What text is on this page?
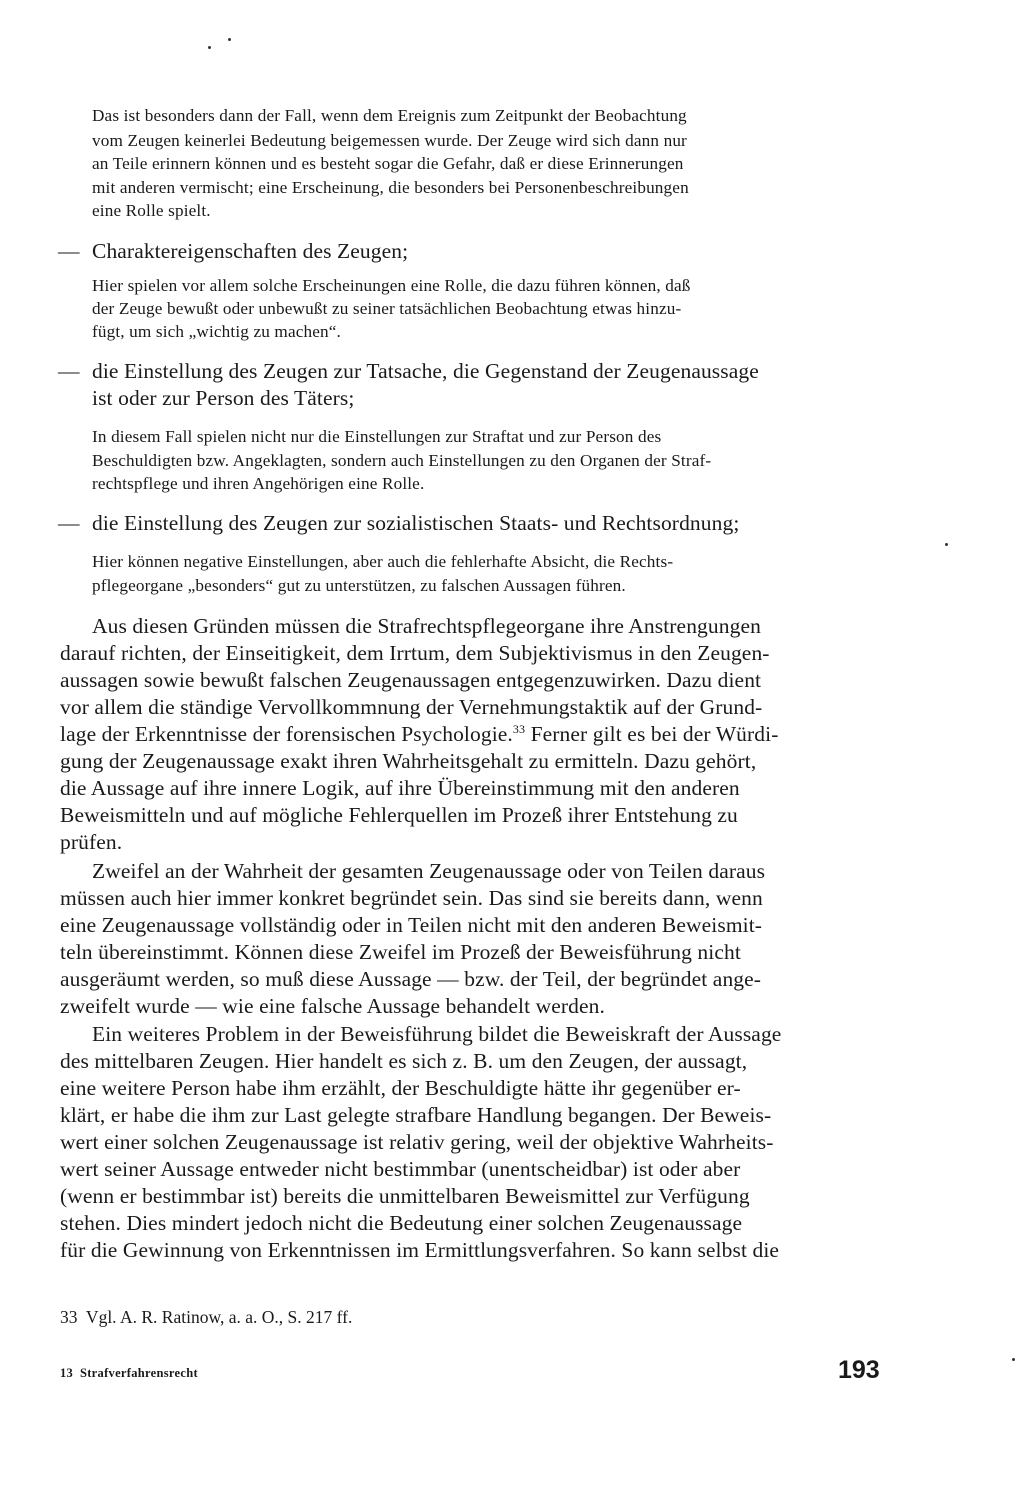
Das ist besonders dann der Fall, wenn dem Ereignis zum Zeitpunkt der Beobachtung

vom Zeugen keinerlei Bedeutung beigemessen wurde. Der Zeuge wird sich dann nur

an Teile erinnern können und es besteht sogar die Gefahr, daß er diese Erinnerungen

mit anderen vermischt; eine Erscheinung, die besonders bei Personenbeschreibungen

eine Rolle spielt.

— Charaktereigenschaften des Zeugen;

Hier spielen vor allem solche Erscheinungen eine Rolle, die dazu führen können, daß

der Zeuge bewußt oder unbewußt zu seiner tatsächlichen Beobachtung etwas hinzu-

fügt, um sich „wichtig zu machen“.

— die Einstellung des Zeugen zur Tatsache, die Gegenstand der Zeugenaussage

ist oder zur Person des Täters;

In diesem Fall spielen nicht nur die Einstellungen zur Straftat und zur Person des

Beschuldigten bzw. Angeklagten, sondern auch Einstellungen zu den Organen der Straf-

rechtspflege und ihren Angehörigen eine Rolle.

— die Einstellung des Zeugen zur sozialistischen Staats- und Rechtsordnung;

Hier können negative Einstellungen, aber auch die fehlerhafte Absicht, die Rechts-

pflegeorgane „besonders“ gut zu unterstützen, zu falschen Aussagen führen.

Aus diesen Gründen müssen die Strafrechtspflegeorgane ihre Anstrengungen

darauf richten, der Einseitigkeit, dem Irrtum, dem Subjektivismus in den Zeugen-

aussagen sowie bewußt falschen Zeugenaussagen entgegenzuwirken. Dazu dient

vor allem die ständige Vervollkommnung der Vernehmungstaktik auf der Grund-

lage der Erkenntnisse der forensischen Psychologie.$^{33}$ Ferner gilt es bei der Würdi-

gung der Zeugenaussage exakt ihren Wahrheitsgehalt zu ermitteln. Dazu gehört,

die Aussage auf ihre innere Logik, auf ihre Übereinstimmung mit den anderen

Beweismitteln und auf mögliche Fehlerquellen im Prozeß ihrer Entstehung zu

prüfen.

Zweifel an der Wahrheit der gesamten Zeugenaussage oder von Teilen daraus

müssen auch hier immer konkret begründet sein. Das sind sie bereits dann, wenn

eine Zeugenaussage vollständig oder in Teilen nicht mit den anderen Beweismit-

teln übereinstimmt. Können diese Zweifel im Prozeß der Beweisführung nicht

ausgeräumt werden, so muß diese Aussage — bzw. der Teil, der begründet ange-

zweifelt wurde — wie eine falsche Aussage behandelt werden.

Ein weiteres Problem in der Beweisführung bildet die Beweiskraft der Aussage

des mittelbaren Zeugen. Hier handelt es sich z. B. um den Zeugen, der aussagt,

eine weitere Person habe ihm erzählt, der Beschuldigte hätte ihr gegenüber er-

klärt, er habe die ihm zur Last gelegte strafbare Handlung begangen. Der Beweis-

wert einer solchen Zeugenaussage ist relativ gering, weil der objektive Wahrheits-

wert seiner Aussage entweder nicht bestimmbar (unentscheidbar) ist oder aber

(wenn er bestimmbar ist) bereits die unmittelbaren Beweismittel zur Verfügung

stehen. Dies mindert jedoch nicht die Bedeutung einer solchen Zeugenaussage

für die Gewinnung von Erkenntnissen im Ermittlungsverfahren. So kann selbst die

33  Vgl. A. R. Ratinow, a. a. O., S. 217 ff.

13  Strafverfahrensrecht	193
